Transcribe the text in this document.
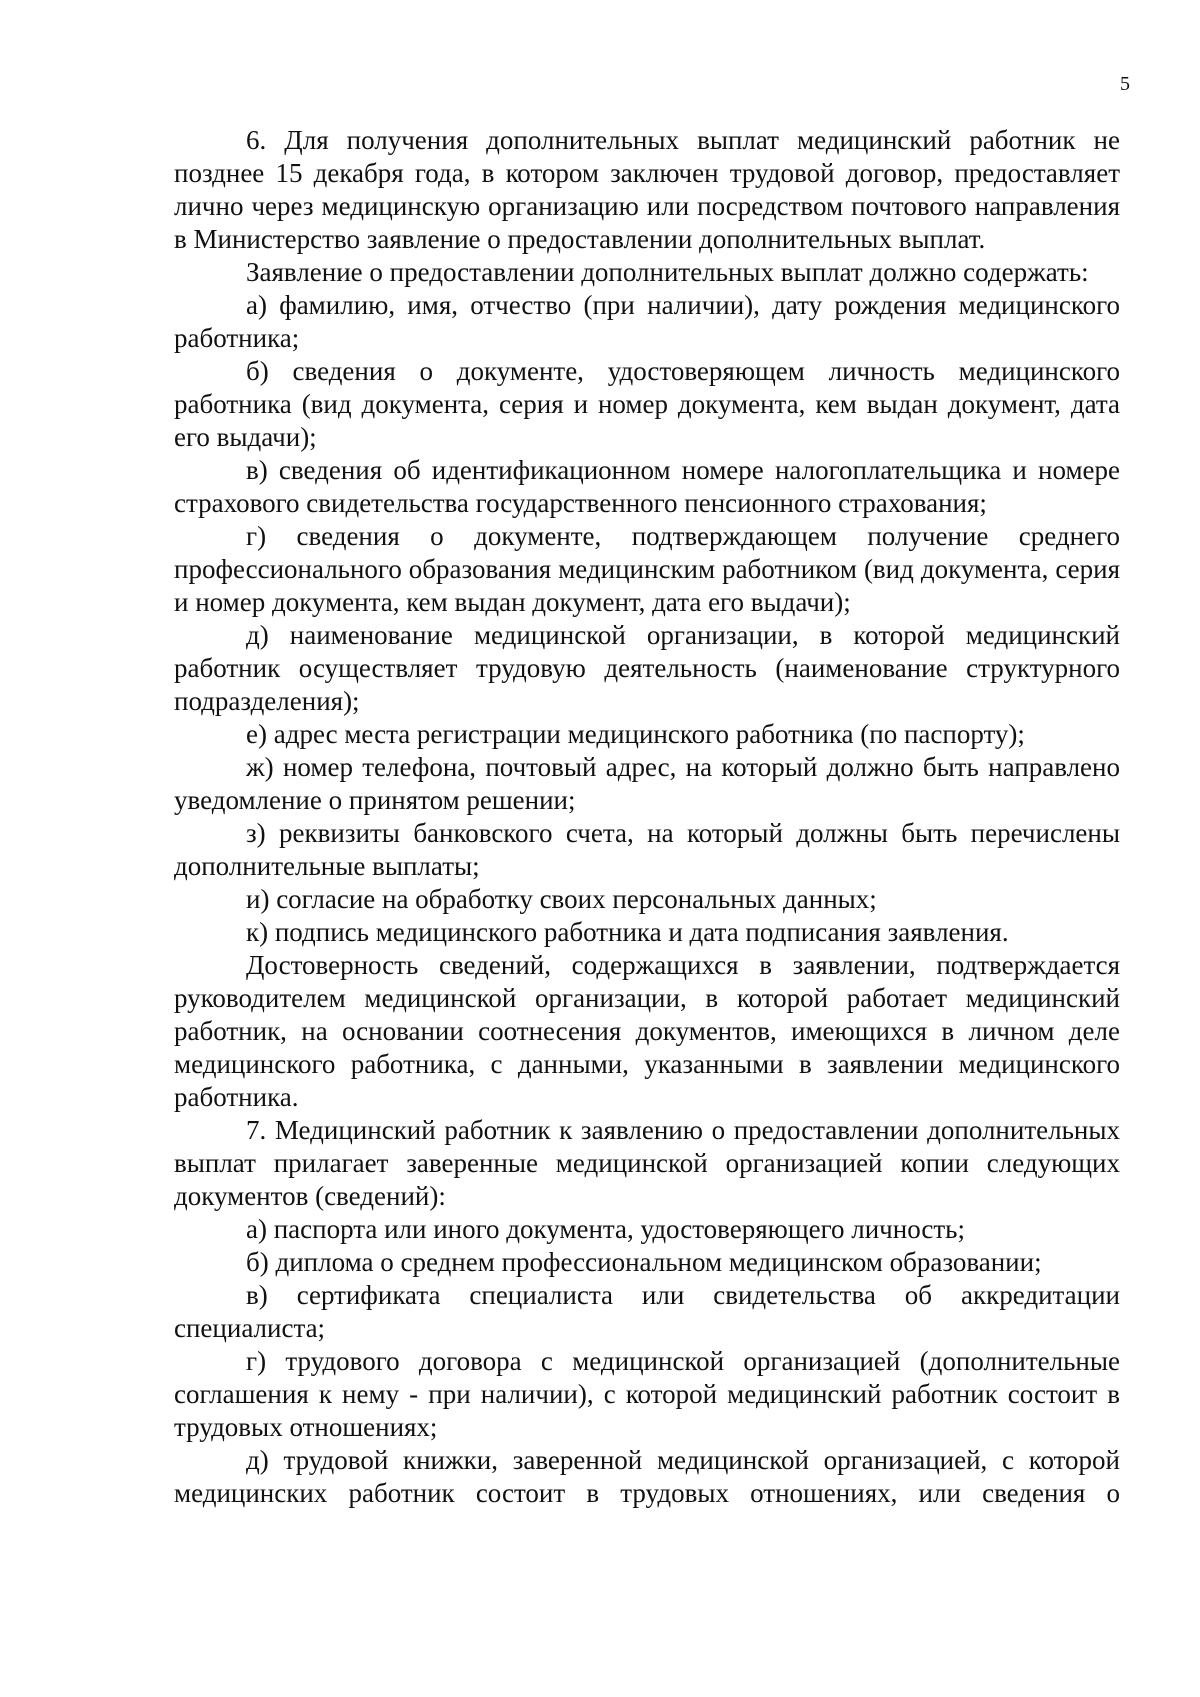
5

6. Для получения дополнительных выплат медицинский работник не позднее 15 декабря года, в котором заключен трудовой договор, предоставляет лично через медицинскую организацию или посредством почтового направления в Министерство заявление о предоставлении дополнительных выплат.

Заявление о предоставлении дополнительных выплат должно содержать:

а) фамилию, имя, отчество (при наличии), дату рождения медицинского работника;

б) сведения о документе, удостоверяющем личность медицинского работника (вид документа, серия и номер документа, кем выдан документ, дата его выдачи);

в) сведения об идентификационном номере налогоплательщика и номере страхового свидетельства государственного пенсионного страхования;

г) сведения о документе, подтверждающем получение среднего профессионального образования медицинским работником (вид документа, серия и номер документа, кем выдан документ, дата его выдачи);

д) наименование медицинской организации, в которой медицинский работник осуществляет трудовую деятельность (наименование структурного подразделения);

е) адрес места регистрации медицинского работника (по паспорту);

ж) номер телефона, почтовый адрес, на который должно быть направлено уведомление о принятом решении;

з) реквизиты банковского счета, на который должны быть перечислены дополнительные выплаты;

и) согласие на обработку своих персональных данных;

к) подпись медицинского работника и дата подписания заявления.

Достоверность сведений, содержащихся в заявлении, подтверждается руководителем медицинской организации, в которой работает медицинский работник, на основании соотнесения документов, имеющихся в личном деле медицинского работника, с данными, указанными в заявлении медицинского работника.

7. Медицинский работник к заявлению о предоставлении дополнительных выплат прилагает заверенные медицинской организацией копии следующих документов (сведений):

а) паспорта или иного документа, удостоверяющего личность;

б) диплома о среднем профессиональном медицинском образовании;

в) сертификата специалиста или свидетельства об аккредитации специалиста;

г) трудового договора с медицинской организацией (дополнительные соглашения к нему - при наличии), с которой медицинский работник состоит в трудовых отношениях;

д) трудовой книжки, заверенной медицинской организацией, с которой медицинских работник состоит в трудовых отношениях, или сведения о
